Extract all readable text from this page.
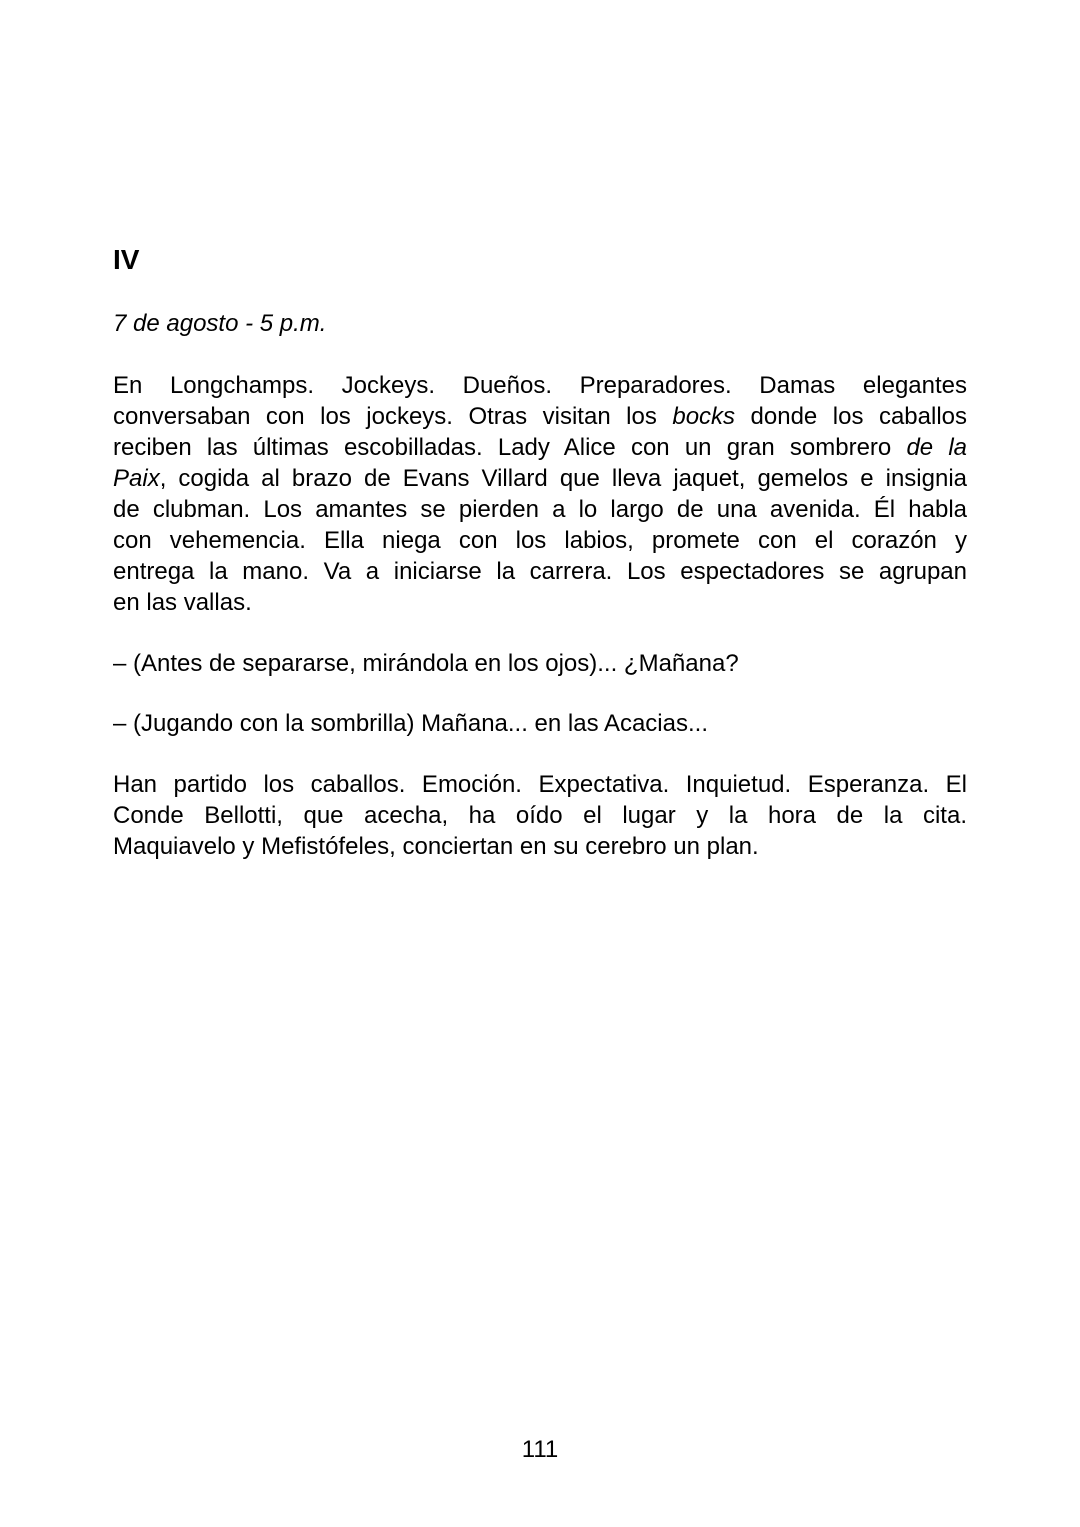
IV
7 de agosto - 5 p.m.
En Longchamps. Jockeys. Dueños. Preparadores. Damas elegantes
conversaban con los jockeys. Otras visitan los bocks donde los caballos
reciben las últimas escobilladas. Lady Alice con un gran sombrero de la
Paix, cogida al brazo de Evans Villard que lleva jaquet, gemelos e insignia
de clubman. Los amantes se pierden a lo largo de una avenida. Él habla
con vehemencia. Ella niega con los labios, promete con el corazón y
entrega la mano. Va a iniciarse la carrera. Los espectadores se agrupan
en las vallas.
– (Antes de separarse, mirándola en los ojos)... ¿Mañana?
– (Jugando con la sombrilla) Mañana... en las Acacias...
Han partido los caballos. Emoción. Expectativa. Inquietud. Esperanza. El
Conde Bellotti, que acecha, ha oído el lugar y la hora de la cita.
Maquiavelo y Mefistófeles, conciertan en su cerebro un plan.
111
